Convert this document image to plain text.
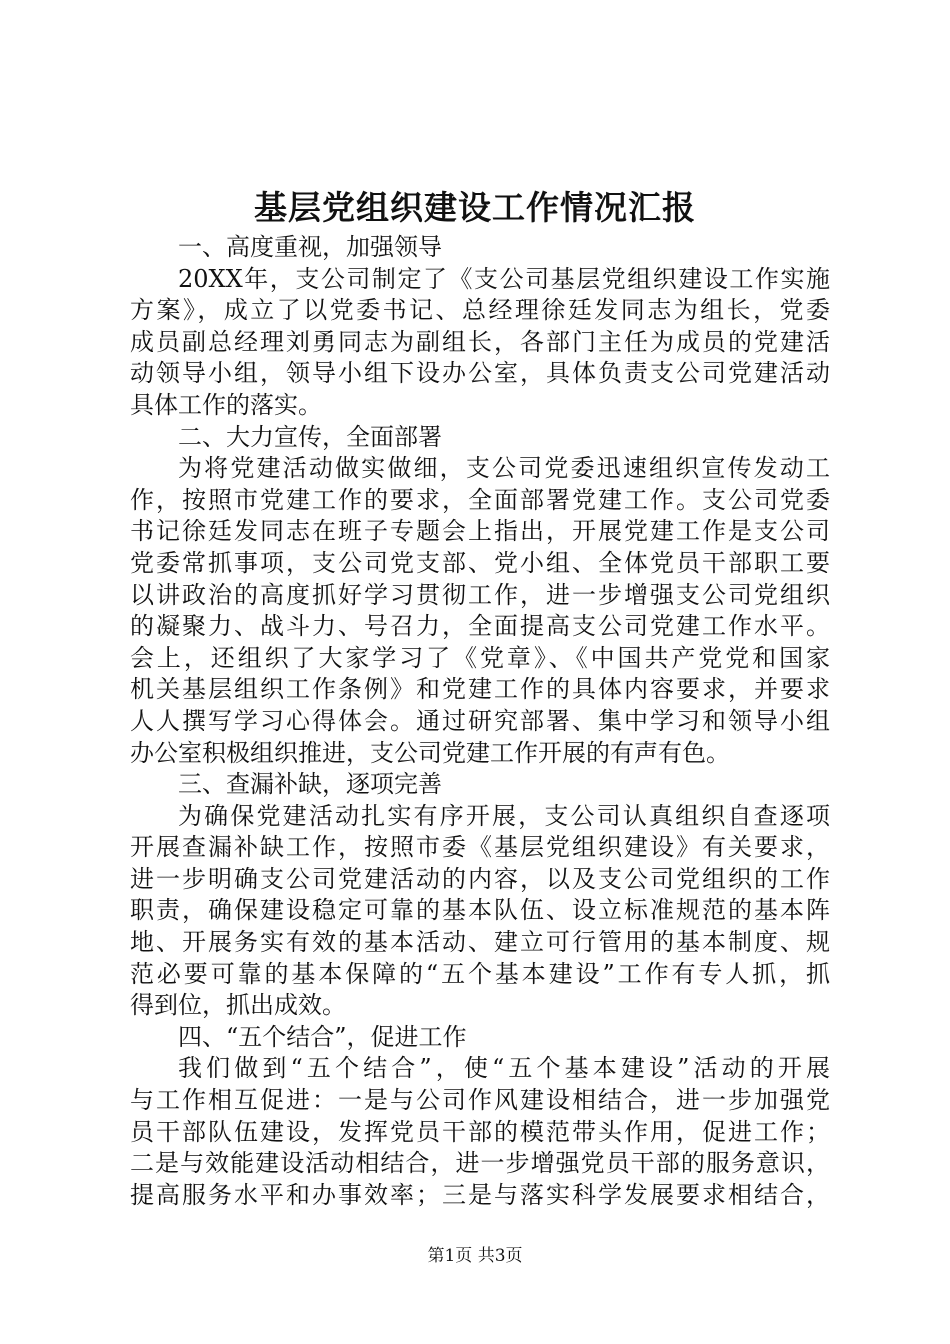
基层党组织建设工作情况汇报
一、高度重视，加强领导
20XX年，支公司制定了《支公司基层党组织建设工作实施
方案》，成立了以党委书记、总经理徐廷发同志为组长，党委
成员副总经理刘勇同志为副组长，各部门主任为成员的党建活
动领导小组，领导小组下设办公室，具体负责支公司党建活动
具体工作的落实。
二、大力宣传，全面部署
为将党建活动做实做细，支公司党委迅速组织宣传发动工
作，按照市党建工作的要求，全面部署党建工作。支公司党委
书记徐廷发同志在班子专题会上指出，开展党建工作是支公司
党委常抓事项，支公司党支部、党小组、全体党员干部职工要
以讲政治的高度抓好学习贯彻工作，进一步增强支公司党组织
的凝聚力、战斗力、号召力，全面提高支公司党建工作水平。
会上，还组织了大家学习了《党章》、《中国共产党党和国家
机关基层组织工作条例》和党建工作的具体内容要求，并要求
人人撰写学习心得体会。通过研究部署、集中学习和领导小组
办公室积极组织推进，支公司党建工作开展的有声有色。
三、查漏补缺，逐项完善
为确保党建活动扎实有序开展，支公司认真组织自查逐项
开展查漏补缺工作，按照市委《基层党组织建设》有关要求，
进一步明确支公司党建活动的内容，以及支公司党组织的工作
职责，确保建设稳定可靠的基本队伍、设立标准规范的基本阵
地、开展务实有效的基本活动、建立可行管用的基本制度、规
范必要可靠的基本保障的“五个基本建设”工作有专人抓，抓
得到位，抓出成效。
四、“五个结合”，促进工作
我们做到“五个结合”，使“五个基本建设”活动的开展
与工作相互促进：一是与公司作风建设相结合，进一步加强党
员干部队伍建设，发挥党员干部的模范带头作用，促进工作；
二是与效能建设活动相结合，进一步增强党员干部的服务意识，
提高服务水平和办事效率；三是与落实科学发展要求相结合，
第1页 共3页
